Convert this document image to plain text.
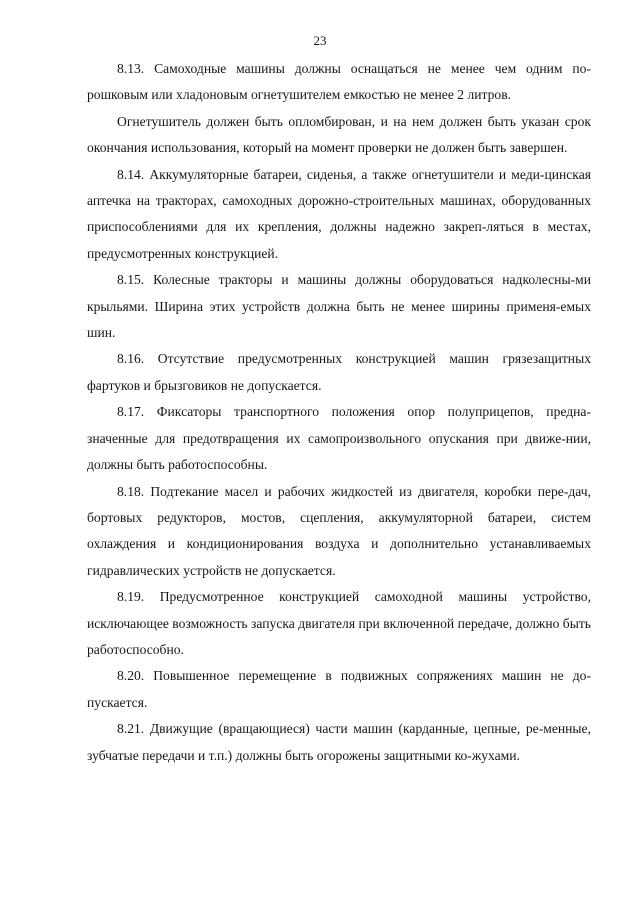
23

8.13. Самоходные машины должны оснащаться не менее чем одним по-рошковым или хладоновым огнетушителем емкостью не менее 2 литров.

Огнетушитель должен быть опломбирован, и на нем должен быть указан срок окончания использования, который на момент проверки не должен быть завершен.

8.14. Аккумуляторные батареи, сиденья, а также огнетушители и меди-цинская аптечка на тракторах, самоходных дорожно-строительных машинах, оборудованных приспособлениями для их крепления, должны надежно закреп-ляться в местах, предусмотренных конструкцией.

8.15. Колесные тракторы и машины должны оборудоваться надколесны-ми крыльями. Ширина этих устройств должна быть не менее ширины применя-емых шин.

8.16. Отсутствие предусмотренных конструкцией машин грязезащитных фартуков и брызговиков не допускается.

8.17. Фиксаторы транспортного положения опор полуприцепов, предна-значенные для предотвращения их самопроизвольного опускания при движе-нии, должны быть работоспособны.

8.18. Подтекание масел и рабочих жидкостей из двигателя, коробки пере-дач, бортовых редукторов, мостов, сцепления, аккумуляторной батареи, систем охлаждения и кондиционирования воздуха и дополнительно устанавливаемых гидравлических устройств не допускается.

8.19. Предусмотренное конструкцией самоходной машины устройство, исключающее возможность запуска двигателя при включенной передаче, должно быть работоспособно.

8.20. Повышенное перемещение в подвижных сопряжениях машин не до-пускается.

8.21. Движущие (вращающиеся) части машин (карданные, цепные, ре-менные, зубчатые передачи и т.п.) должны быть огорожены защитными ко-жухами.
